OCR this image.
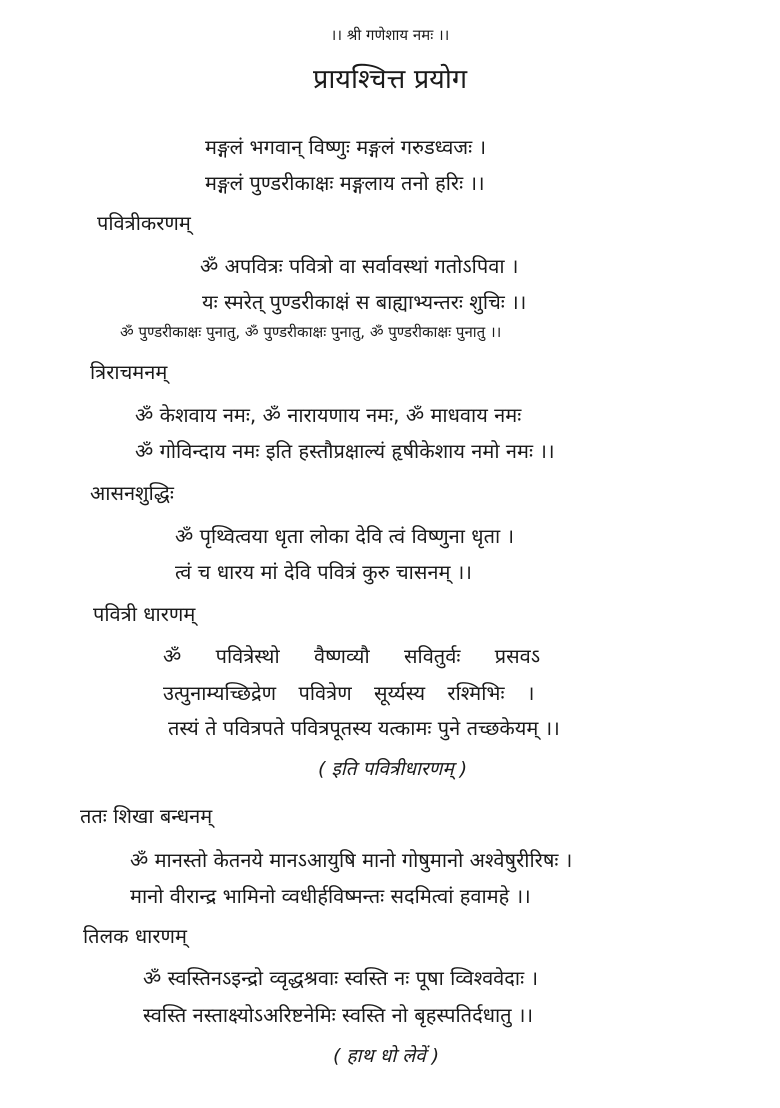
।। श्री गणेशाय नमः ।।
प्रायश्चित्त प्रयोग
मङ्गलं भगवान् विष्णुः मङ्गलं गरुडध्वजः ।
मङ्गलं पुण्डरीकाक्षः मङ्गलाय तनो हरिः ।।
पवित्रीकरणम्
ॐ अपवित्रः पवित्रो वा सर्वावस्थां गतोऽपिवा ।
यः स्मरेत् पुण्डरीकाक्षं स बाह्याभ्यन्तरः शुचिः ।।
ॐ पुण्डरीकाक्षः पुनातु, ॐ पुण्डरीकाक्षः पुनातु, ॐ पुण्डरीकाक्षः पुनातु ।।
त्रिराचमनम्
ॐ केशवाय नमः, ॐ नारायणाय नमः, ॐ माधवाय नमः
ॐ गोविन्दाय नमः इति हस्तौप्रक्षाल्यं हृषीकेशाय नमो नमः ।।
आसनशुद्धिः
ॐ पृथ्वित्वया धृता लोका देवि त्वं विष्णुना धृता ।
त्वं च धारय मां देवि पवित्रं कुरु चासनम् ।।
पवित्री धारणम्
ॐ पवित्रेस्थो वैष्णव्यौ सवितुर्वः प्रसवऽ
उत्पुनाम्यच्छिद्रेण पवित्रेण सूर्य्यस्य रश्मिभिः ।
तस्यं ते पवित्रपते पवित्रपूतस्य यत्कामः पुने तच्छकेयम् ।।
( इति पवित्रीधारणम् )
ततः शिखा बन्धनम्
ॐ मानस्तो केतनये मानऽआयुषि मानो गोषुमानो अश्वेषुरीरिषः ।
मानो वीरान्द्र भामिनो व्वधीर्हविष्मन्तः सदमित्वां हवामहे ।।
तिलक धारणम्
ॐ स्वस्तिनऽइन्द्रो व्वृद्धश्रवाः स्वस्ति नः पूषा व्विश्ववेदाः ।
स्वस्ति नस्ताक्ष्योऽअरिष्टनेमिः स्वस्ति नो बृहस्पतिर्दधातु ।।
( हाथ धो लेवें )
